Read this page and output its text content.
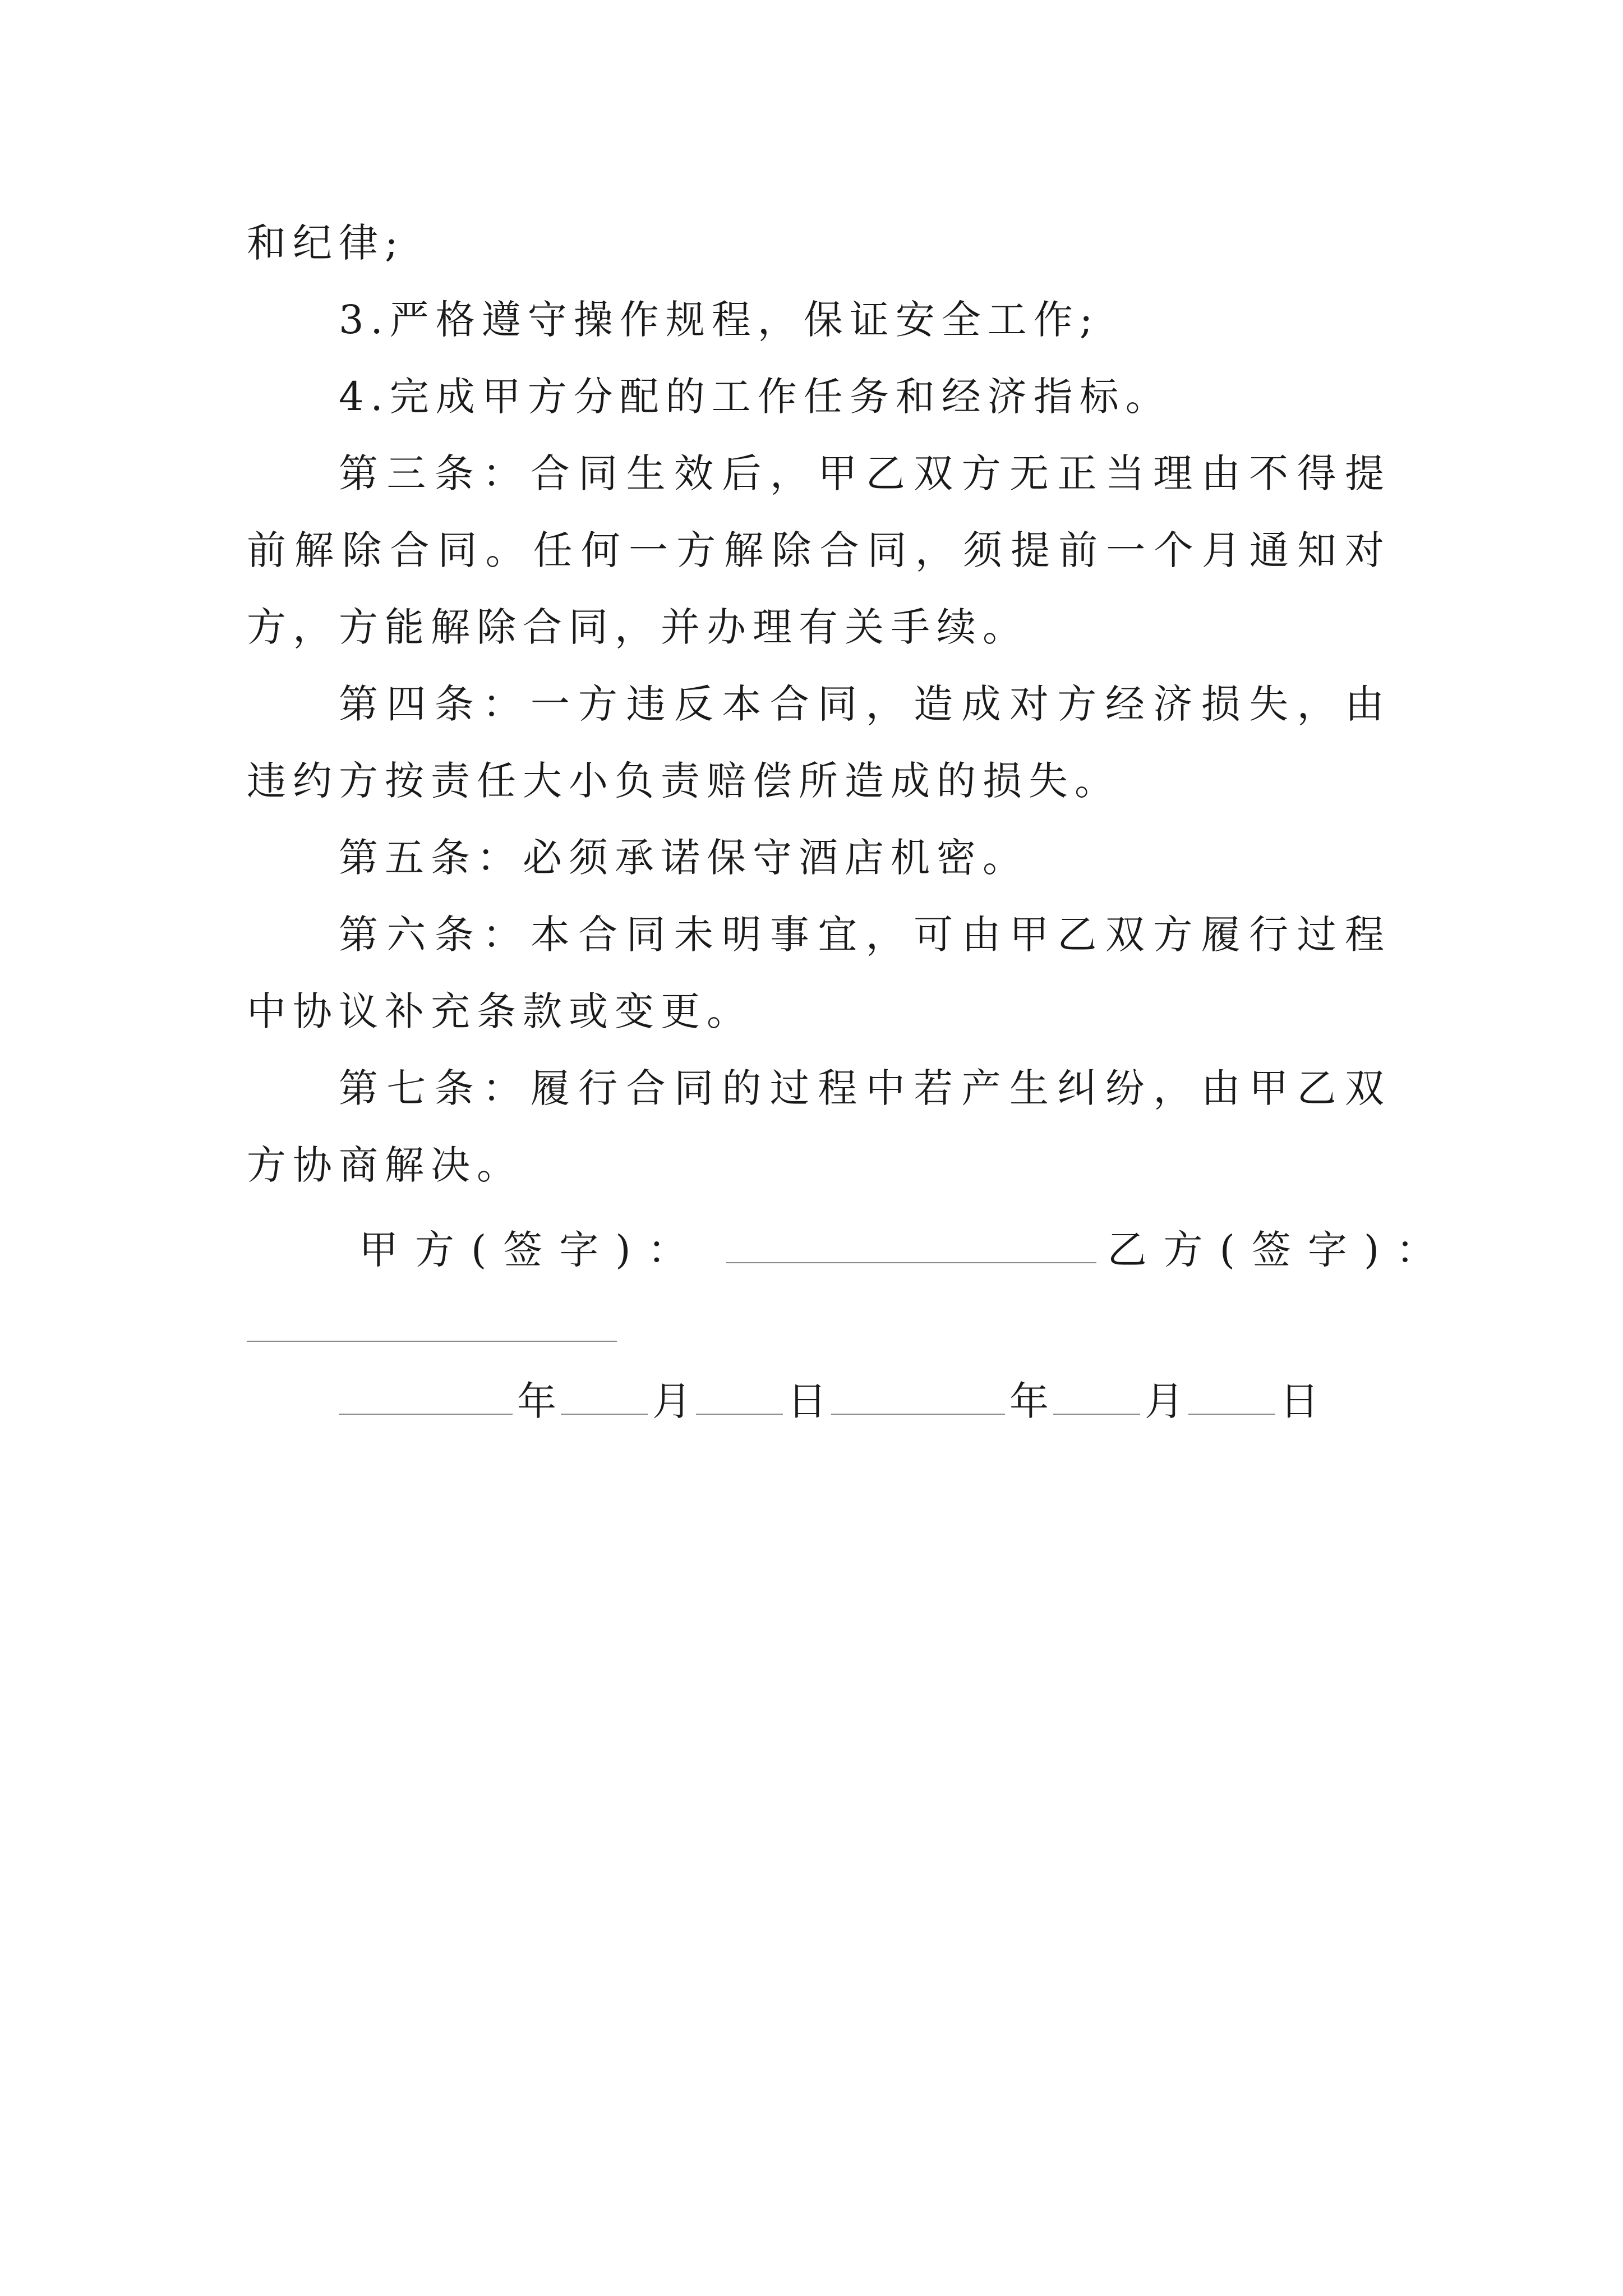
和纪律;

3.严格遵守操作规程，保证安全工作;

4.完成甲方分配的工作任务和经济指标。

第三条：合同生效后，甲乙双方无正当理由不得提前解除合同。任何一方解除合同，须提前一个月通知对方，方能解除合同，并办理有关手续。

第四条：一方违反本合同，造成对方经济损失，由违约方按责任大小负责赔偿所造成的损失。

第五条：必须承诺保守酒店机密。

第六条：本合同未明事宜，可由甲乙双方履行过程中协议补充条款或变更。

第七条：履行合同的过程中若产生纠纷，由甲乙双方协商解决。

甲方(签字)：	乙方(签字)：
年 月 日	年 月 日
